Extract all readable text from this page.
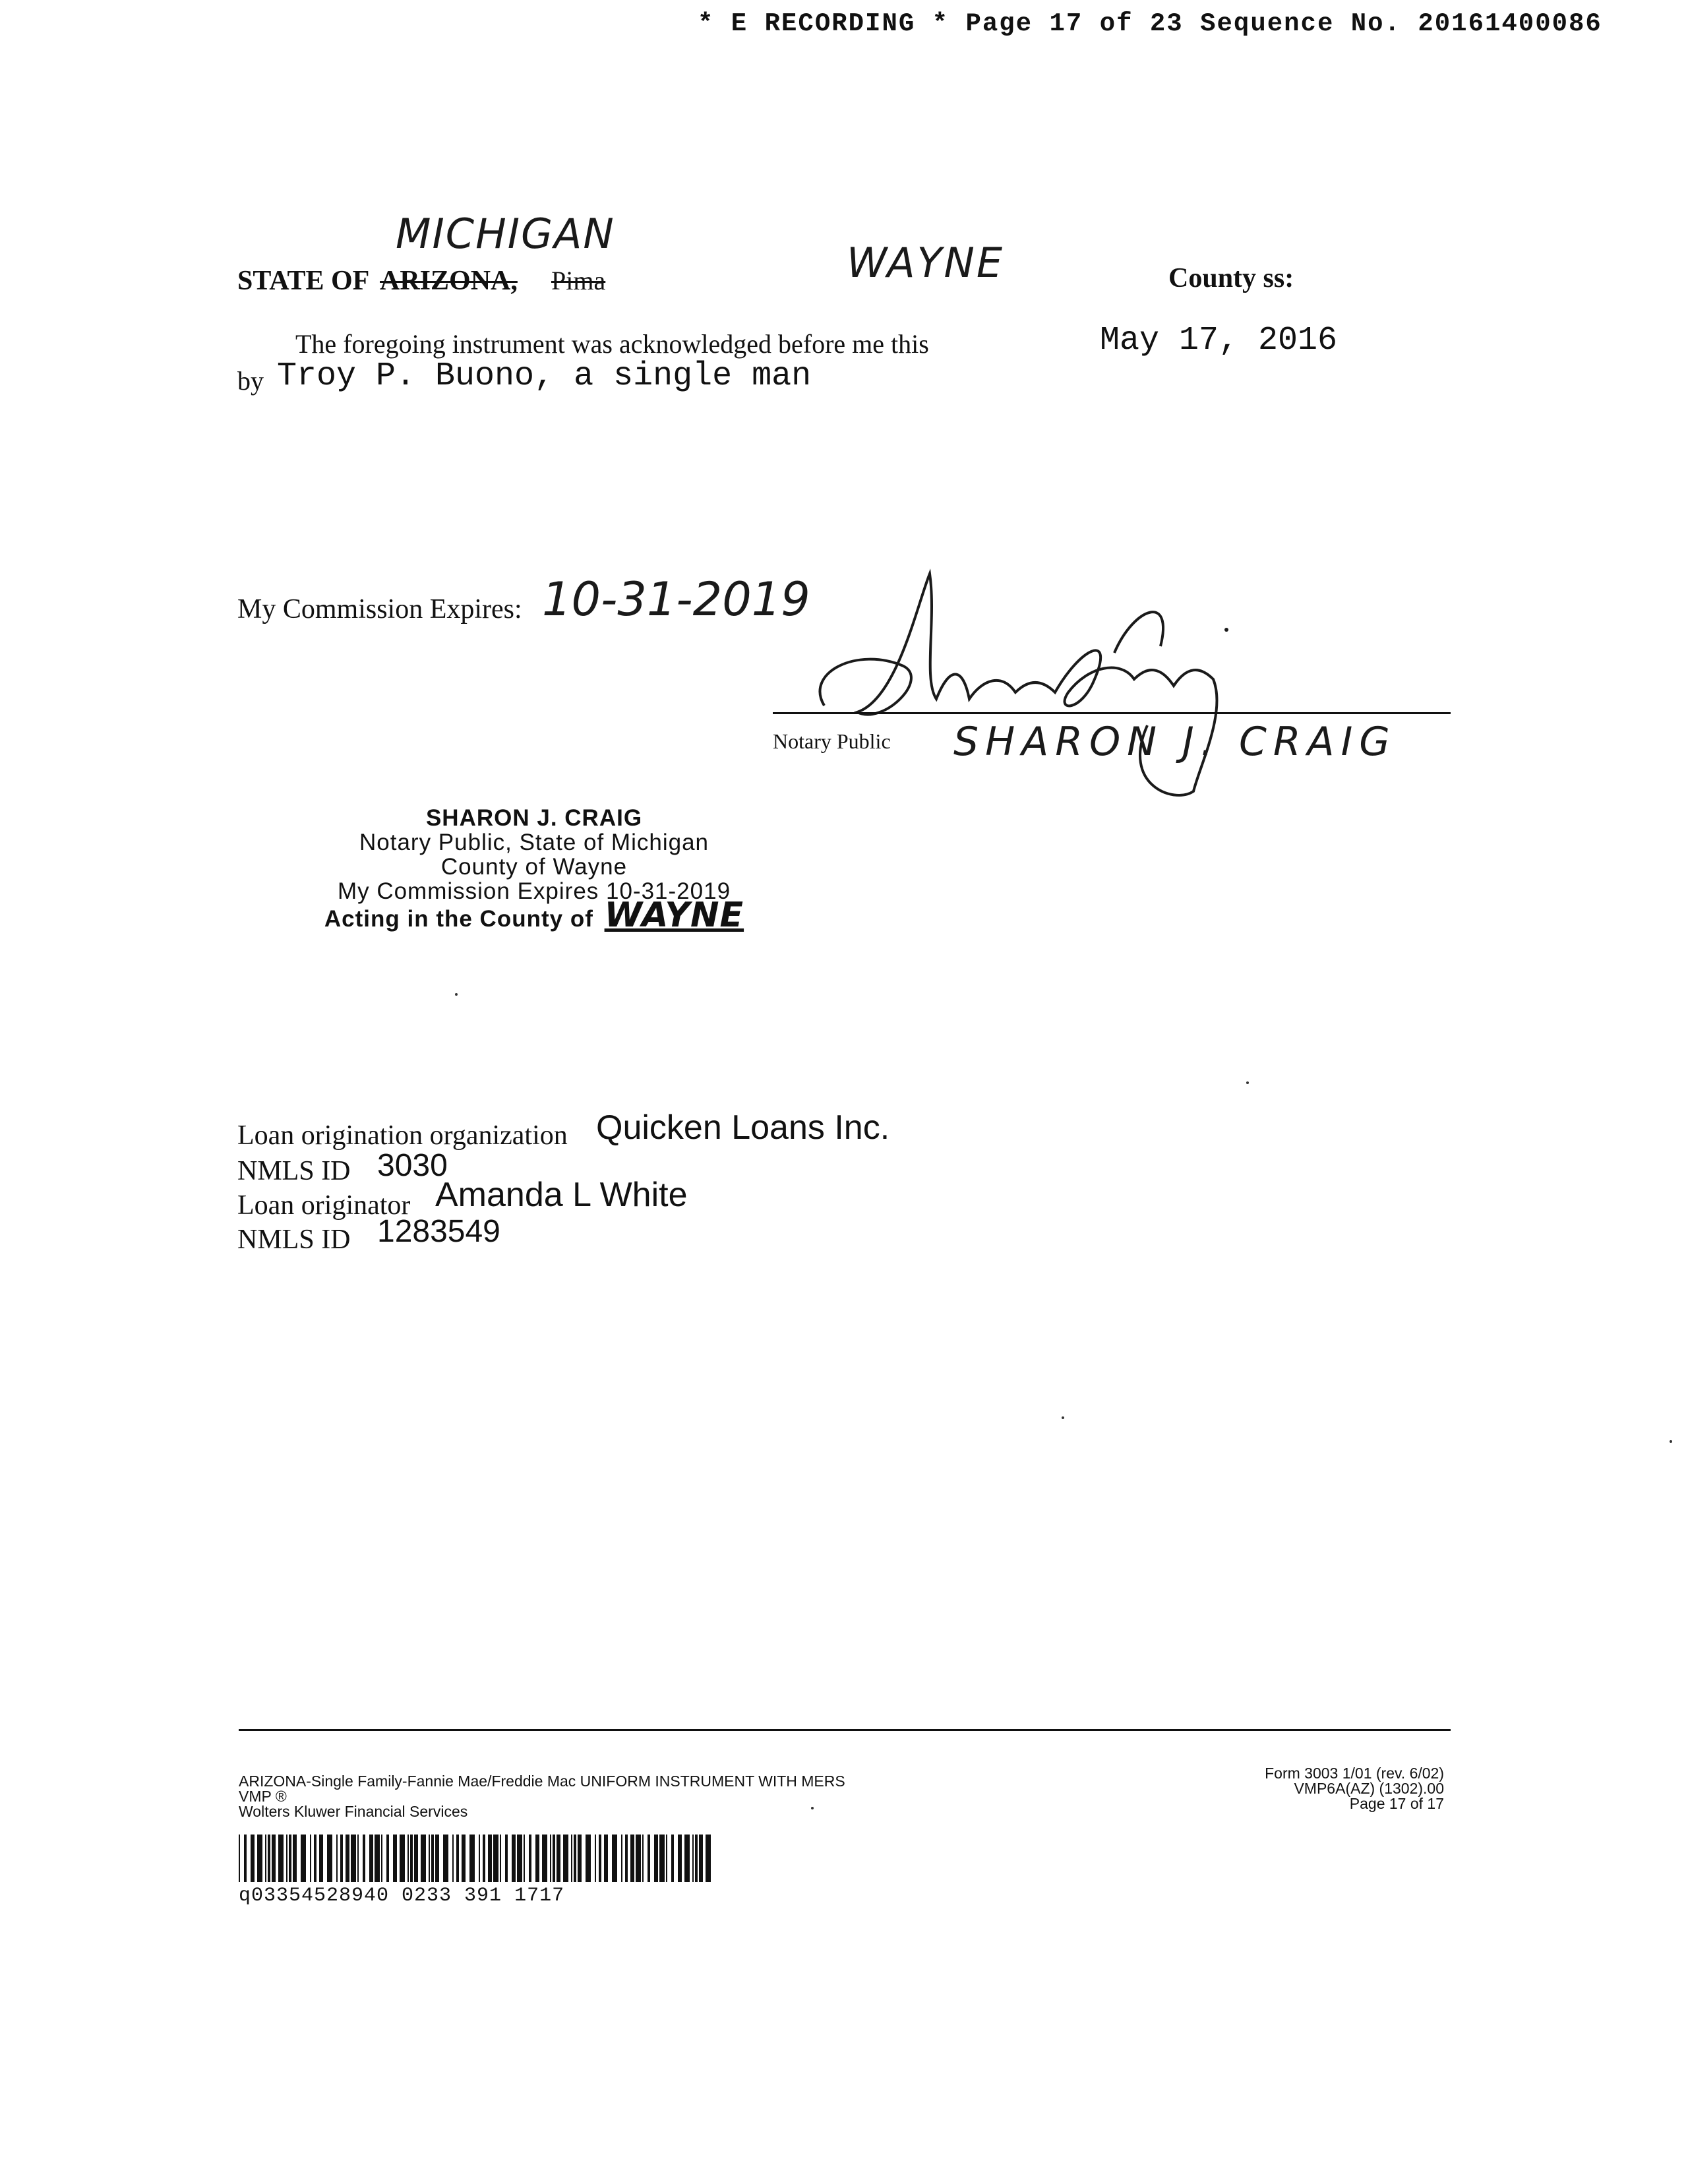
* E RECORDING * Page 17 of 23 Sequence No. 20161400086
STATE OF ARIZONA, Pima
MICHIGAN
WAYNE	County ss:
The foregoing instrument was acknowledged before me this	May 17, 2016
by Troy P. Buono, a single man
My Commission Expires: 10-31-2019
Notary Public SHARON J. CRAIG
SHARON J. CRAIG
Notary Public, State of Michigan
County of Wayne
My Commission Expires 10-31-2019
Acting in the County of WAYNE
Loan origination organization Quicken Loans Inc.
NMLS ID 3030
Loan originator Amanda L White
NMLS ID 1283549
ARIZONA-Single Family-Fannie Mae/Freddie Mac UNIFORM INSTRUMENT WITH MERS
VMP ®
Wolters Kluwer Financial Services
Form 3003 1/01 (rev. 6/02)
VMP6A(AZ) (1302).00
Page 17 of 17
q03354528940 0233 391 1717
